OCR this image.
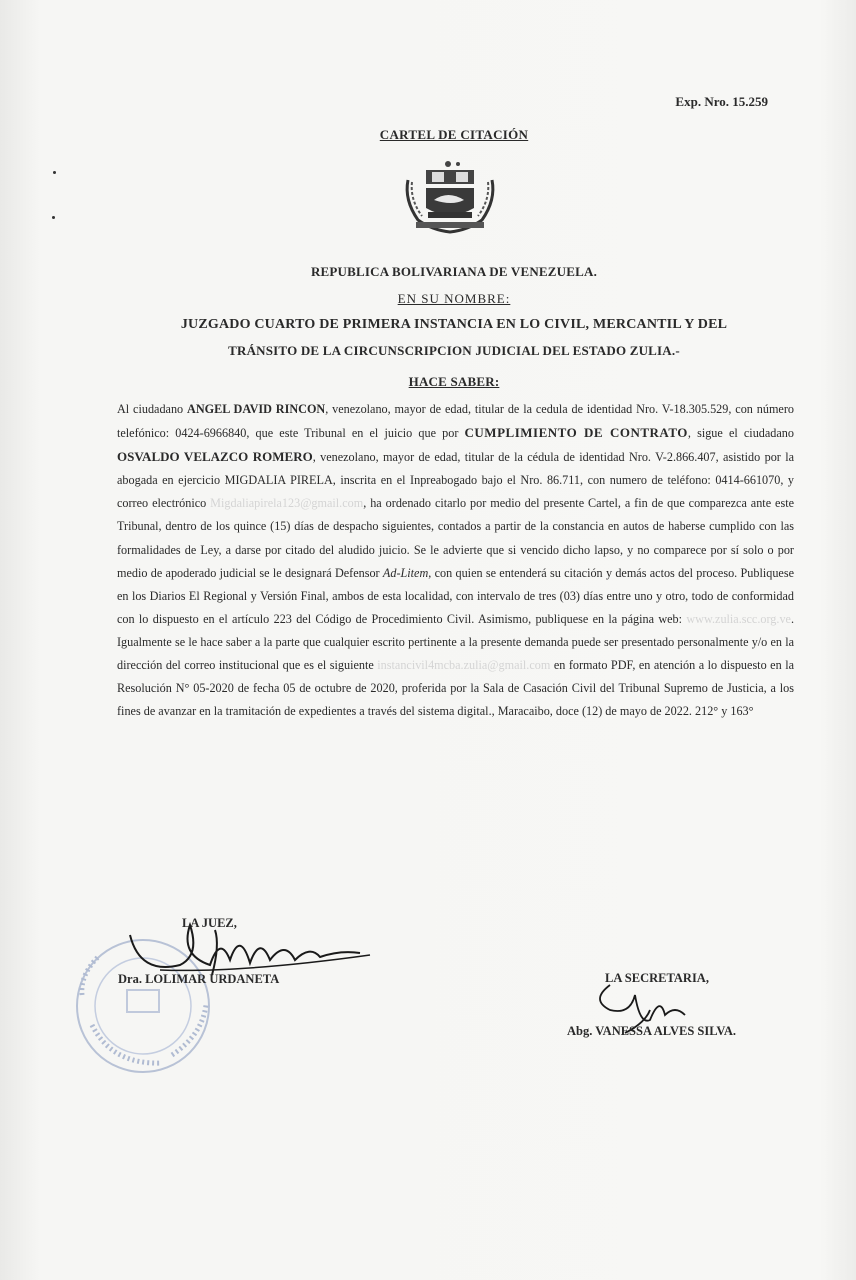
Exp. Nro. 15.259
CARTEL DE CITACIÓN
REPUBLICA BOLIVARIANA DE VENEZUELA.
EN SU NOMBRE:
JUZGADO CUARTO DE PRIMERA INSTANCIA EN LO CIVIL, MERCANTIL Y DEL
TRÁNSITO DE LA CIRCUNSCRIPCION JUDICIAL DEL ESTADO ZULIA.-
HACE SABER:
Al ciudadano ANGEL DAVID RINCON, venezolano, mayor de edad, titular de la cedula de identidad Nro. V-18.305.529, con número telefónico: 0424-6966840, que este Tribunal en el juicio que por CUMPLIMIENTO DE CONTRATO, sigue el ciudadano OSVALDO VELAZCO ROMERO, venezolano, mayor de edad, titular de la cédula de identidad Nro. V-2.866.407, asistido por la abogada en ejercicio MIGDALIA PIRELA, inscrita en el Inpreabogado bajo el Nro. 86.711, con numero de teléfono: 0414-661070, y correo electrónico Migdaliapirela123@gmail.com, ha ordenado citarlo por medio del presente Cartel, a fin de que comparezca ante este Tribunal, dentro de los quince (15) días de despacho siguientes, contados a partir de la constancia en autos de haberse cumplido con las formalidades de Ley, a darse por citado del aludido juicio. Se le advierte que si vencido dicho lapso, y no comparece por sí solo o por medio de apoderado judicial se le designará Defensor Ad-Litem, con quien se entenderá su citación y demás actos del proceso. Publiquese en los Diarios El Regional y Versión Final, ambos de esta localidad, con intervalo de tres (03) días entre uno y otro, todo de conformidad con lo dispuesto en el artículo 223 del Código de Procedimiento Civil. Asimismo, publiquese en la página web: www.zulia.scc.org.ve. Igualmente se le hace saber a la parte que cualquier escrito pertinente a la presente demanda puede ser presentado personalmente y/o en la dirección del correo institucional que es el siguiente instancivil4mcba.zulia@gmail.com en formato PDF, en atención a lo dispuesto en la Resolución N° 05-2020 de fecha 05 de octubre de 2020, proferida por la Sala de Casación Civil del Tribunal Supremo de Justicia, a los fines de avanzar en la tramitación de expedientes a través del sistema digital., Maracaibo, doce (12) de mayo de 2022. 212° y 163°
LA JUEZ,
Dra. LOLIMAR URDANETA	LA SECRETARIA,
Abg. VANESSA ALVES SILVA.
